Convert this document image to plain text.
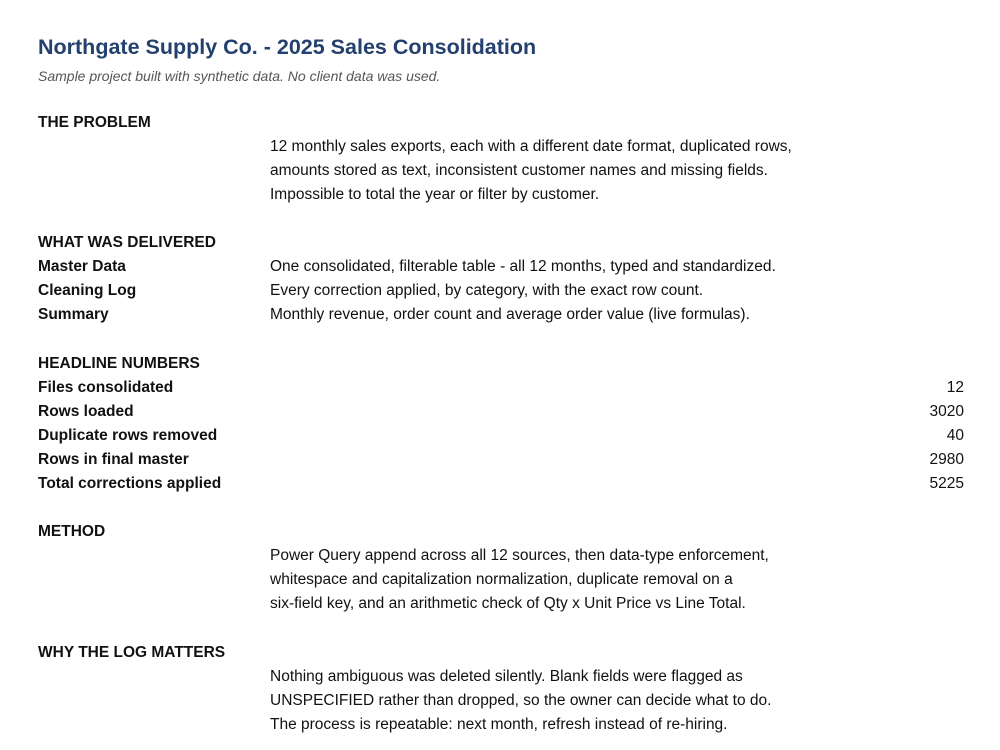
Northgate Supply Co. - 2025 Sales Consolidation
Sample project built with synthetic data. No client data was used.
THE PROBLEM
12 monthly sales exports, each with a different date format, duplicated rows,
amounts stored as text, inconsistent customer names and missing fields.
Impossible to total the year or filter by customer.
WHAT WAS DELIVERED
Master Data	One consolidated, filterable table - all 12 months, typed and standardized.
Cleaning Log	Every correction applied, by category, with the exact row count.
Summary	Monthly revenue, order count and average order value (live formulas).
HEADLINE NUMBERS
Files consolidated	12
Rows loaded	3020
Duplicate rows removed	40
Rows in final master	2980
Total corrections applied	5225
METHOD
Power Query append across all 12 sources, then data-type enforcement,
whitespace and capitalization normalization, duplicate removal on a
six-field key, and an arithmetic check of Qty x Unit Price vs Line Total.
WHY THE LOG MATTERS
Nothing ambiguous was deleted silently. Blank fields were flagged as
UNSPECIFIED rather than dropped, so the owner can decide what to do.
The process is repeatable: next month, refresh instead of re-hiring.
